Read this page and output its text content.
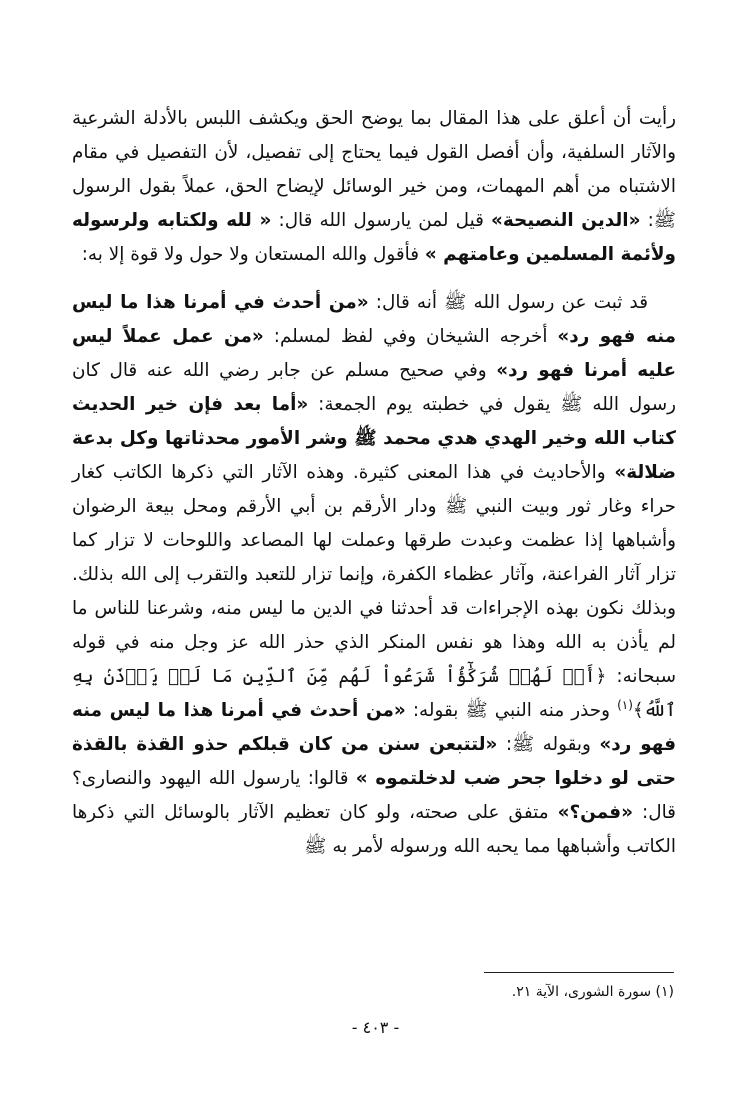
رأيت أن أعلق على هذا المقال بما يوضح الحق ويكشف اللبس بالأدلة الشرعية والآثار السلفية، وأن أفصل القول فيما يحتاج إلى تفصيل، لأن التفصيل في مقام الاشتباه من أهم المهمات، ومن خير الوسائل لإيضاح الحق، عملاً بقول الرسول ﷺ: «الدين النصيحة» قيل لمن يارسول الله قال: « لله ولكتابه ولرسوله ولأئمة المسلمين وعامتهم » فأقول والله المستعان ولا حول ولا قوة إلا به:

قد ثبت عن رسول الله ﷺ أنه قال: «من أحدث في أمرنا هذا ما ليس منه فهو رد» أخرجه الشيخان وفي لفظ لمسلم: «من عمل عملاً ليس عليه أمرنا فهو رد» وفي صحيح مسلم عن جابر رضي الله عنه قال كان رسول الله ﷺ يقول في خطبته يوم الجمعة: «أما بعد فإن خير الحديث كتاب الله وخير الهدي هدي محمد ﷺ وشر الأمور محدثاتها وكل بدعة ضلالة» والأحاديث في هذا المعنى كثيرة. وهذه الآثار التي ذكرها الكاتب كغار حراء وغار ثور وبيت النبي ﷺ ودار الأرقم بن أبي الأرقم ومحل بيعة الرضوان وأشباهها إذا عظمت وعبدت طرقها وعملت لها المصاعد واللوحات لا تزار كما تزار آثار الفراعنة، وآثار عظماء الكفرة، وإنما تزار للتعبد والتقرب إلى الله بذلك. وبذلك نكون بهذه الإجراءات قد أحدثنا في الدين ما ليس منه، وشرعنا للناس ما لم يأذن به الله وهذا هو نفس المنكر الذي حذر الله عز وجل منه في قوله سبحانه: ﴿أَمۡ لَهُمۡ شُرَكَٰٓؤُاْ شَرَعُواْ لَهُم مِّنَ ٱلدِّينِ مَا لَمۡ يَأۡذَنۢ بِهِ ٱللَّهُ﴾$^{(١)}$ وحذر منه النبي ﷺ بقوله: «من أحدث في أمرنا هذا ما ليس منه فهو رد» وبقوله ﷺ: «لتتبعن سنن من كان قبلكم حذو القذة بالقذة حتى لو دخلوا جحر ضب لدخلتموه » قالوا: يارسول الله اليهود والنصارى؟ قال: «فمن؟» متفق على صحته، ولو كان تعظيم الآثار بالوسائل التي ذكرها الكاتب وأشباهها مما يحبه الله ورسوله لأمر به ﷺ

(١) سورة الشورى، الآية ٢١.
- ٤٠٣ -
